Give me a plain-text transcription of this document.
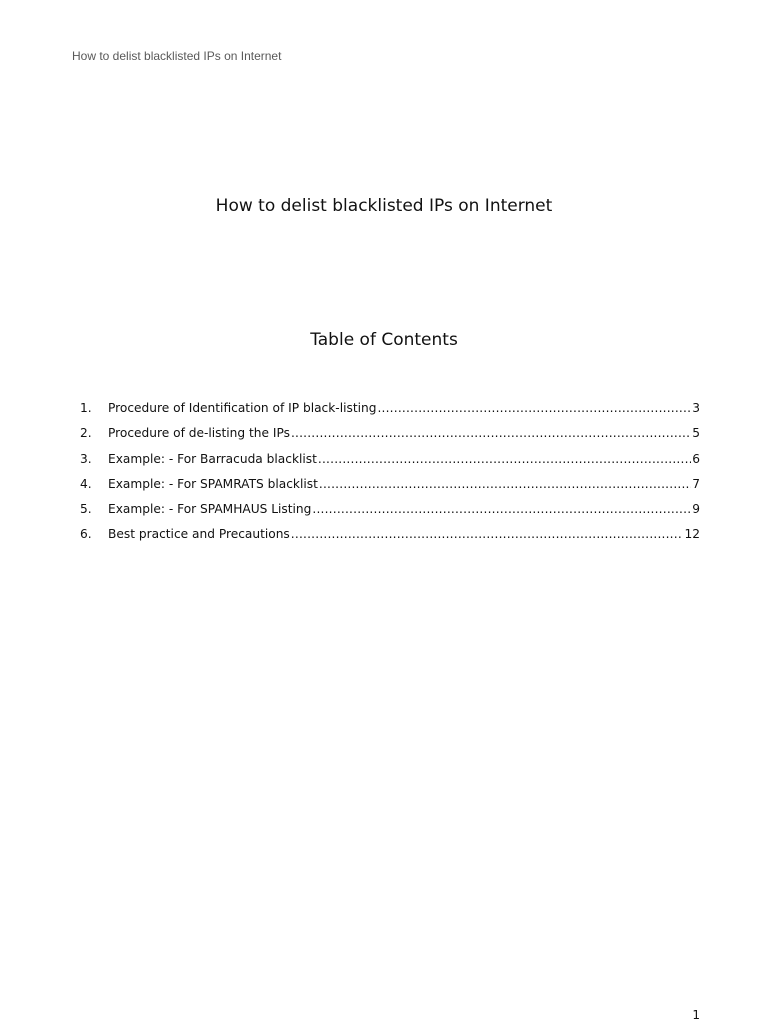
How to delist blacklisted IPs on Internet
How to delist blacklisted IPs on Internet
Table of Contents
1.	Procedure of Identification of IP black-listing .....	3
2.	Procedure of de-listing the IPs .....	5
3.	Example: - For Barracuda blacklist .....	6
4.	Example: - For SPAMRATS blacklist .....	7
5.	Example: - For SPAMHAUS Listing .....	9
6.	Best practice and Precautions .....	12
1
